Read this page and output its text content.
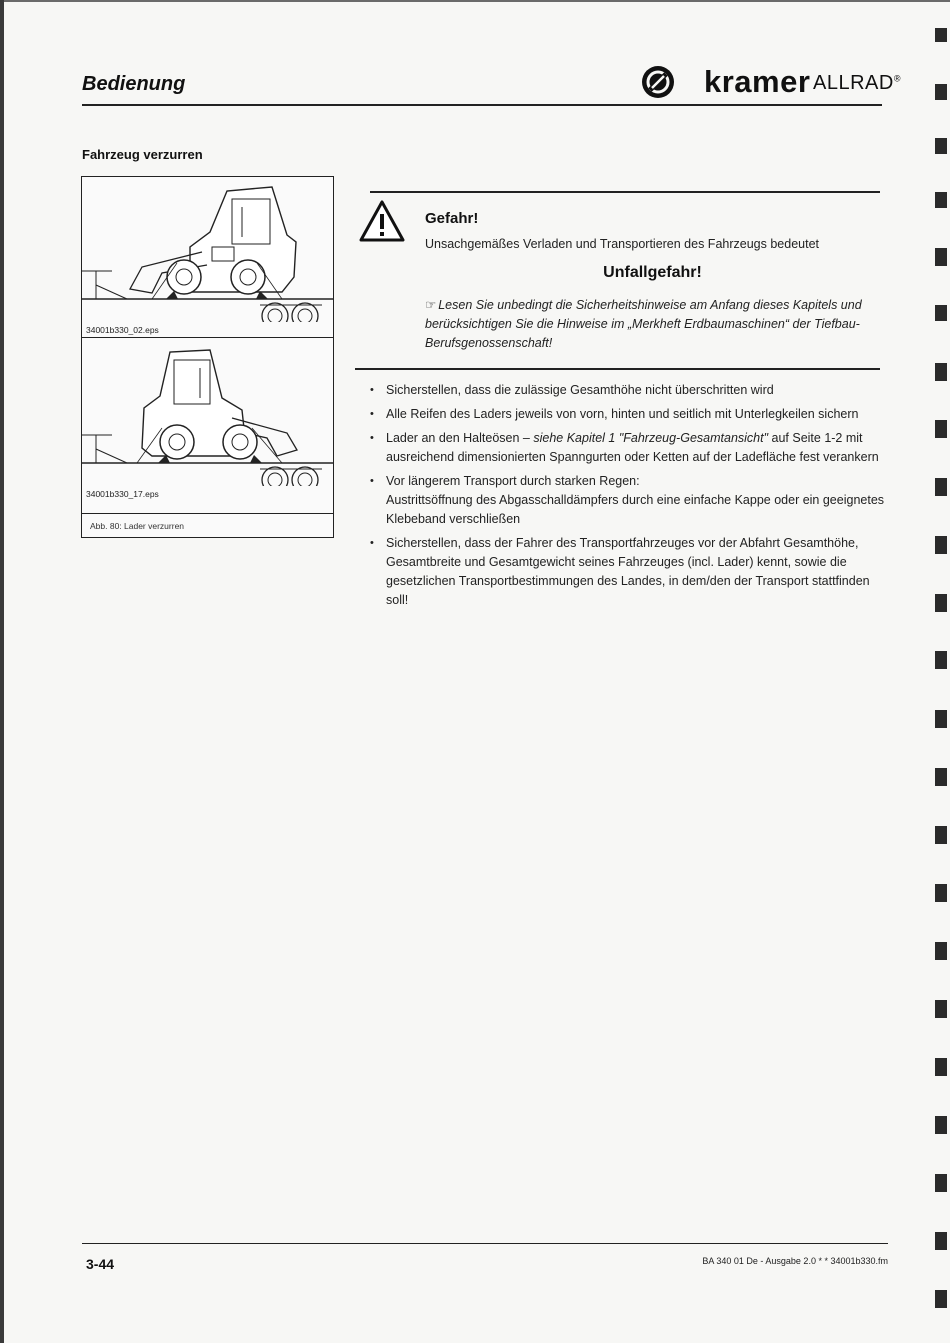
Bedienung	kramer ALLRAD®
Fahrzeug verzurren
34001b330_02.eps
34001b330_17.eps
Abb. 80: Lader verzurren
Gefahr!
Unsachgemäßes Verladen und Transportieren des Fahrzeugs bedeutet
Unfallgefahr!
☞ Lesen Sie unbedingt die Sicherheitshinweise am Anfang dieses Kapitels und berücksichtigen Sie die Hinweise im „Merkheft Erdbaumaschinen“ der Tiefbau-Berufsgenossenschaft!
• Sicherstellen, dass die zulässige Gesamthöhe nicht überschritten wird
• Alle Reifen des Laders jeweils von vorn, hinten und seitlich mit Unterlegkeilen sichern
• Lader an den Halteösen – siehe Kapitel 1 "Fahrzeug-Gesamtansicht" auf Seite 1-2 mit ausreichend dimensionierten Spanngurten oder Ketten auf der Ladefläche fest verankern
• Vor längerem Transport durch starken Regen:
Austrittsöffnung des Abgasschalldämpfers durch eine einfache Kappe oder ein geeignetes Klebeband verschließen
• Sicherstellen, dass der Fahrer des Transportfahrzeuges vor der Abfahrt Gesamthöhe, Gesamtbreite und Gesamtgewicht seines Fahrzeuges (incl. Lader) kennt, sowie die gesetzlichen Transportbestimmungen des Landes, in dem/den der Transport stattfinden soll!
3-44	BA 340 01 De - Ausgabe 2.0 * * 34001b330.fm
